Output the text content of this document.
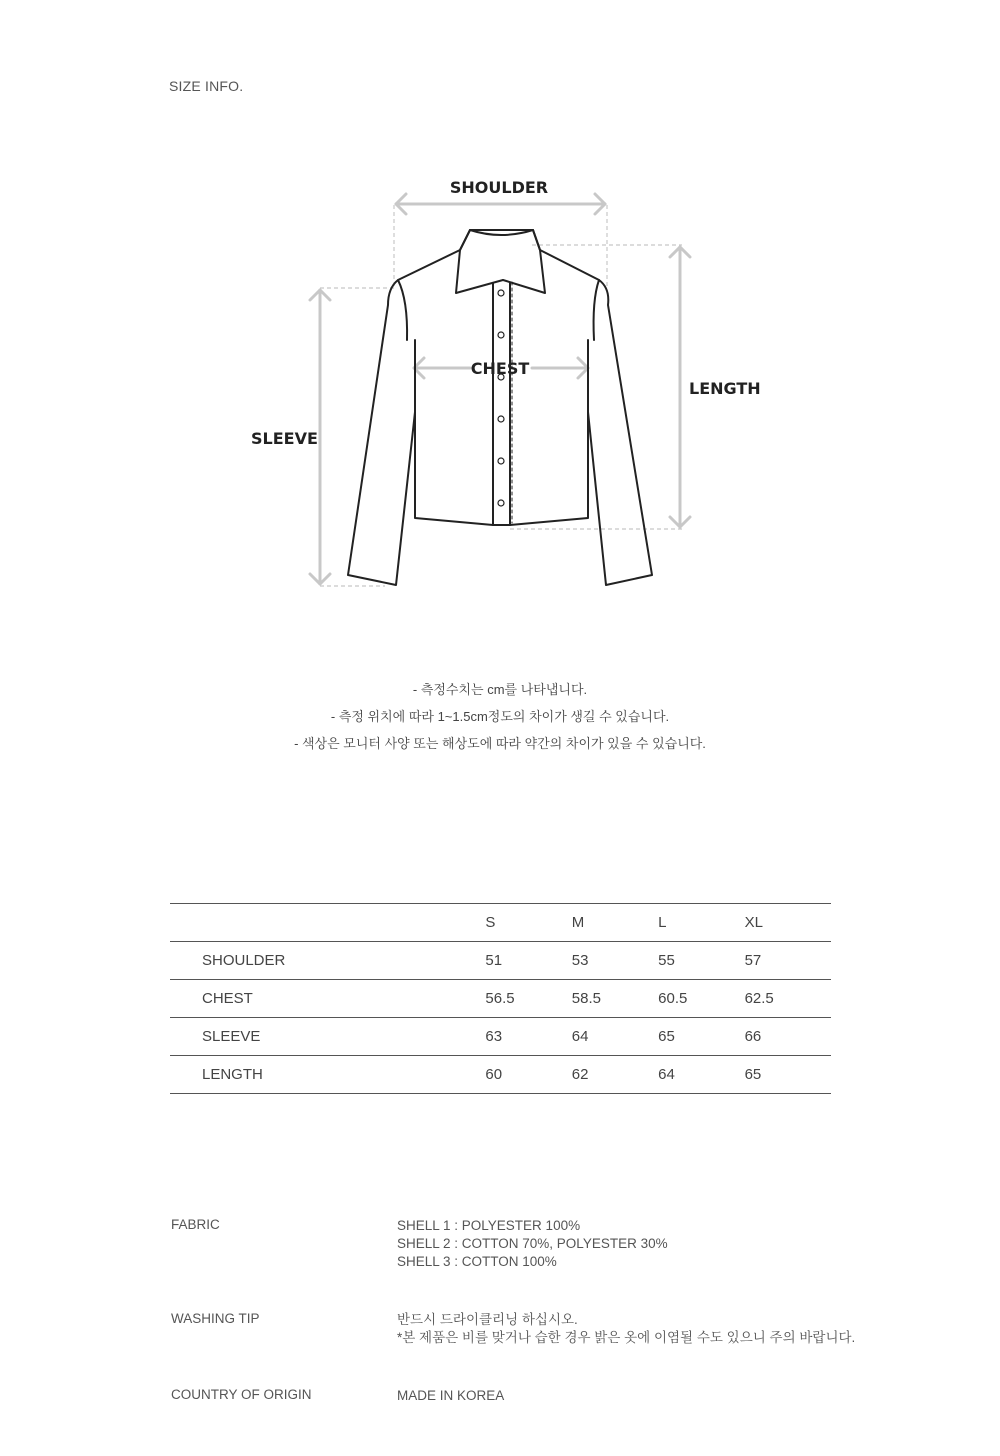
SIZE INFO.
SHOULDER
CHEST
LENGTH
SLEEVE
- 측정수치는 cm를 나타냅니다.
- 측정 위치에 따라 1~1.5cm정도의 차이가 생길 수 있습니다.
- 색상은 모니터 사양 또는 해상도에 따라 약간의 차이가 있을 수 있습니다.
	S	M	L	XL
SHOULDER	51	53	55	57
CHEST	56.5	58.5	60.5	62.5
SLEEVE	63	64	65	66
LENGTH	60	62	64	65
FABRIC	SHELL 1 : POLYESTER 100%
SHELL 2 : COTTON 70%, POLYESTER 30%
SHELL 3 : COTTON 100%
WASHING TIP	반드시 드라이클리닝 하십시오.
*본 제품은 비를 맞거나 습한 경우 밝은 옷에 이염될 수도 있으니 주의 바랍니다.
COUNTRY OF ORIGIN	MADE IN KOREA
